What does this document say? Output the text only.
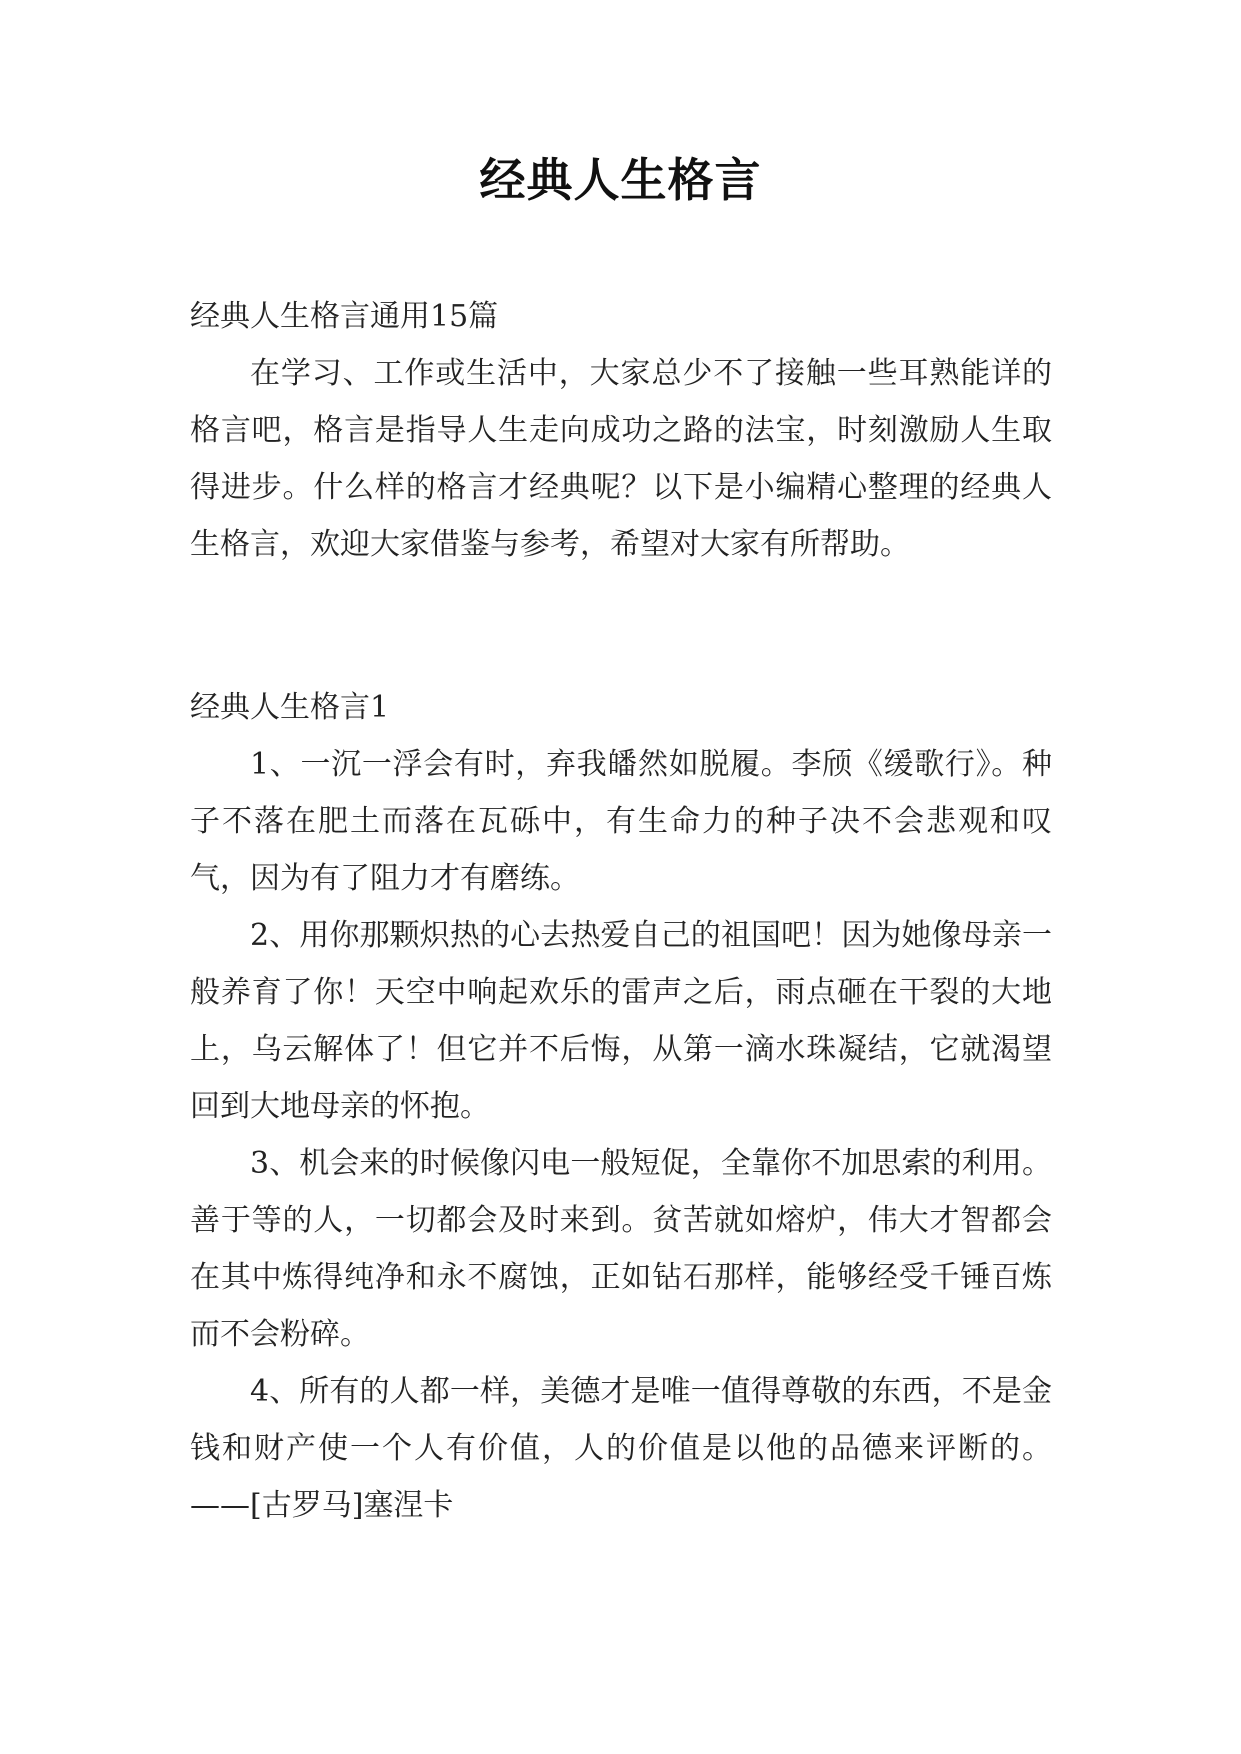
经典人生格言

经典人生格言通用15篇

在学习、工作或生活中，大家总少不了接触一些耳熟能详的格言吧，格言是指导人生走向成功之路的法宝，时刻激励人生取得进步。什么样的格言才经典呢？以下是小编精心整理的经典人生格言，欢迎大家借鉴与参考，希望对大家有所帮助。

经典人生格言1

1、一沉一浮会有时，弃我皤然如脱履。李颀《缓歌行》。种子不落在肥土而落在瓦砾中，有生命力的种子决不会悲观和叹气，因为有了阻力才有磨练。

2、用你那颗炽热的心去热爱自己的祖国吧！因为她像母亲一般养育了你！天空中响起欢乐的雷声之后，雨点砸在干裂的大地上，乌云解体了！但它并不后悔，从第一滴水珠凝结，它就渴望回到大地母亲的怀抱。

3、机会来的时候像闪电一般短促，全靠你不加思索的利用。善于等的人，一切都会及时来到。贫苦就如熔炉，伟大才智都会在其中炼得纯净和永不腐蚀，正如钻石那样，能够经受千锤百炼而不会粉碎。

4、所有的人都一样，美德才是唯一值得尊敬的东西，不是金钱和财产使一个人有价值，人的价值是以他的品德来评断的。——[古罗马]塞涅卡
